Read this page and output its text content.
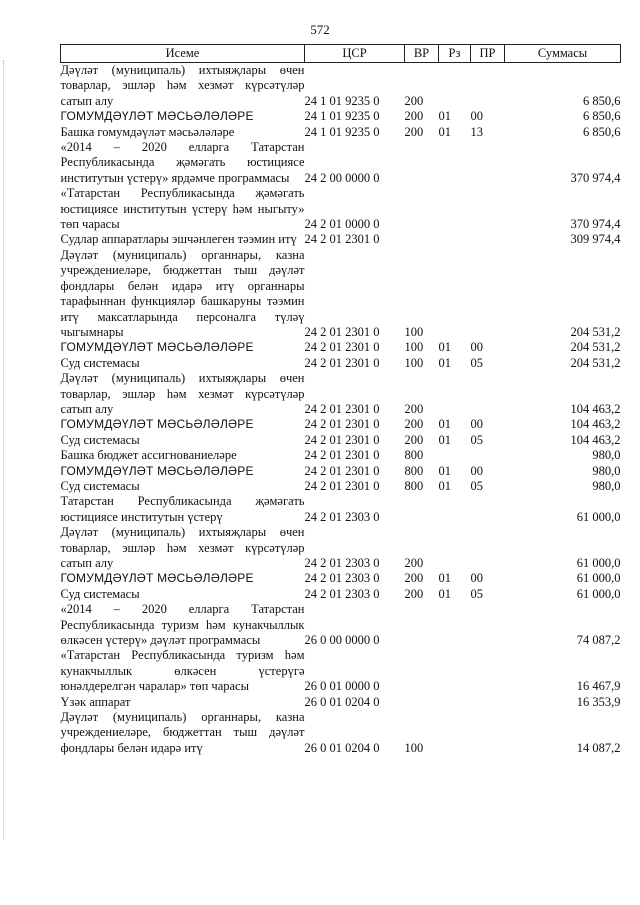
572
Исеме	ЦСР	ВР	Рз	ПР	Суммасы

Дәүләт (муниципаль) ихтыяҗлары өчен товарлар, эшләр һәм хезмәт күрсәтүләр сатып алу	24 1 01 9235 0	200			6 850,6

ГОМУМДӘҮЛӘТ МӘСЬӘЛӘЛӘРЕ	24 1 01 9235 0	200	01	00	6 850,6

Башка гомумдәүләт мәсьәләләре	24 1 01 9235 0	200	01	13	6 850,6

«2014 – 2020 елларга Татарстан Республикасында җәмәгать юстициясе институтын үстерү» ярдәмче программасы	24 2 00 0000 0				370 974,4

«Татарстан Республикасында җәмәгать юстициясе институтын үстерү һәм ныгыту» төп чарасы	24 2 01 0000 0				370 974,4

Судлар аппаратлары эшчәнлеген тәэмин итү	24 2 01 2301 0				309 974,4

Дәүләт (муниципаль) органнары, казна учреждениеләре, бюджеттан тыш дәүләт фондлары белән идарә итү органнары тарафыннан функцияләр башкаруны тәэмин итү максатларында персоналга түләү чыгымнары	24 2 01 2301 0	100			204 531,2

ГОМУМДӘҮЛӘТ МӘСЬӘЛӘЛӘРЕ	24 2 01 2301 0	100	01	00	204 531,2

Суд системасы	24 2 01 2301 0	100	01	05	204 531,2

Дәүләт (муниципаль) ихтыяҗлары өчен товарлар, эшләр һәм хезмәт күрсәтүләр сатып алу	24 2 01 2301 0	200			104 463,2

ГОМУМДӘҮЛӘТ МӘСЬӘЛӘЛӘРЕ	24 2 01 2301 0	200	01	00	104 463,2

Суд системасы	24 2 01 2301 0	200	01	05	104 463,2

Башка бюджет ассигнованиеләре	24 2 01 2301 0	800			980,0

ГОМУМДӘҮЛӘТ МӘСЬӘЛӘЛӘРЕ	24 2 01 2301 0	800	01	00	980,0

Суд системасы	24 2 01 2301 0	800	01	05	980,0

Татарстан Республикасында җәмәгать юстициясе институтын үстерү	24 2 01 2303 0				61 000,0

Дәүләт (муниципаль) ихтыяҗлары өчен товарлар, эшләр һәм хезмәт күрсәтүләр сатып алу	24 2 01 2303 0	200			61 000,0

ГОМУМДӘҮЛӘТ МӘСЬӘЛӘЛӘРЕ	24 2 01 2303 0	200	01	00	61 000,0

Суд системасы	24 2 01 2303 0	200	01	05	61 000,0

«2014 – 2020 елларга Татарстан Республикасында туризм һәм кунакчыллык өлкәсен үстерү» дәүләт программасы	26 0 00 0000 0				74 087,2

«Татарстан Республикасында туризм һәм кунакчыллык өлкәсен үстерүгә юнәлдерелгән чаралар» төп чарасы	26 0 01 0000 0				16 467,9

Үзәк аппарат	26 0 01 0204 0				16 353,9

Дәүләт (муниципаль) органнары, казна учреждениеләре, бюджеттан тыш дәүләт фондлары белән идарә итү	26 0 01 0204 0	100			14 087,2
